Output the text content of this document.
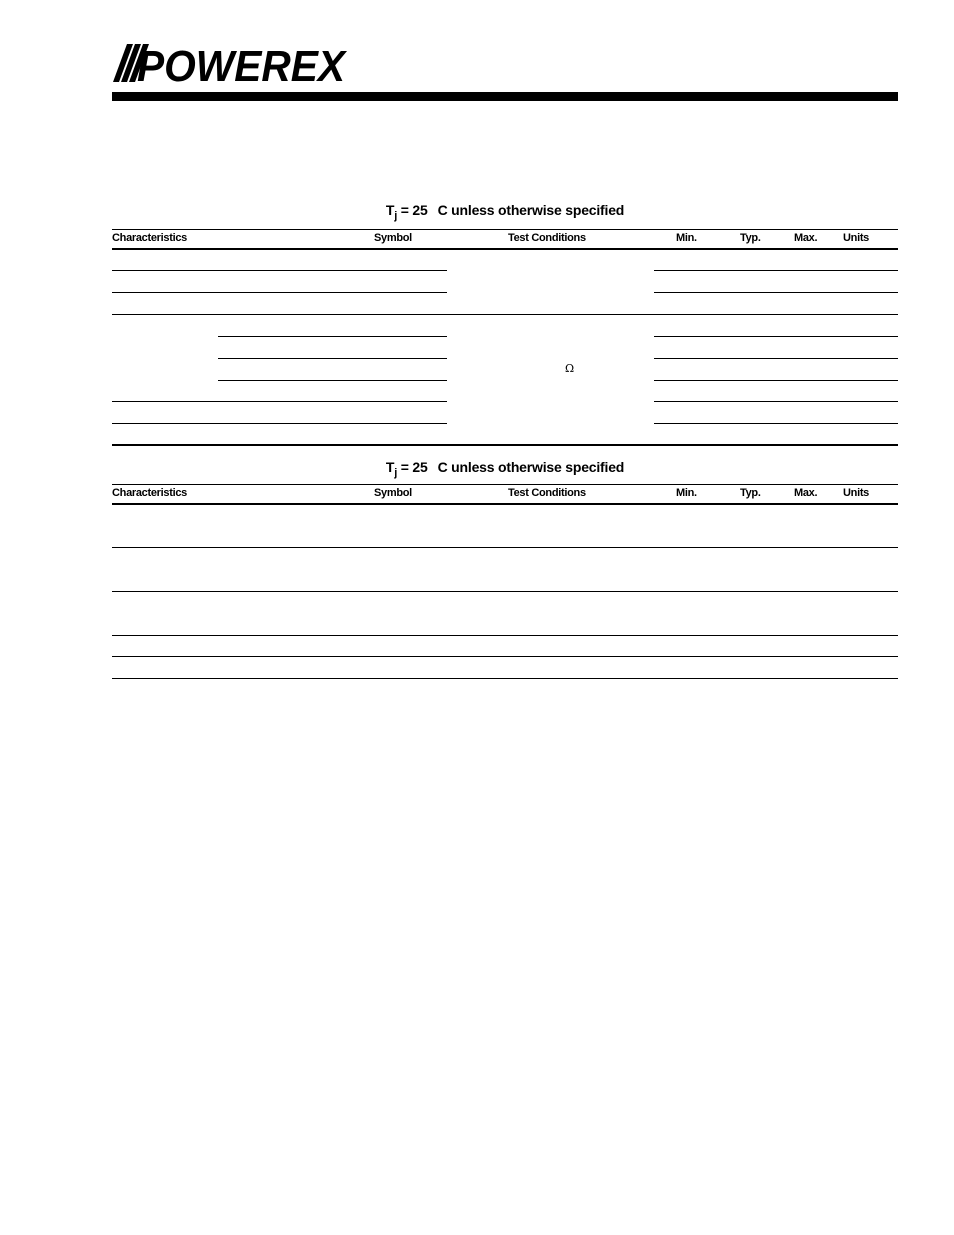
POWEREX
$T_j = 25$ C unless otherwise specified
Characteristics	Symbol	Test Conditions	Min.	Typ.	Max. Units
Ω
$T_j = 25$ C unless otherwise specified
Characteristics	Symbol	Test Conditions	Min.	Typ.	Max. Units
